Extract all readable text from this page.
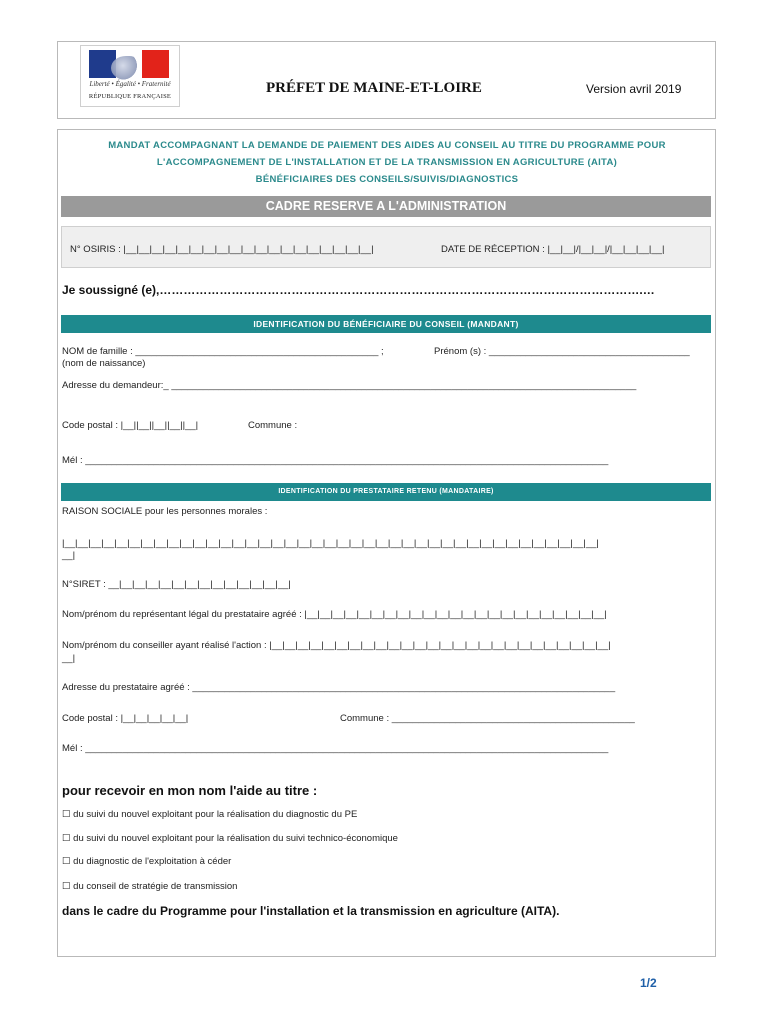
Liberté • Égalité • Fraternité
RÉPUBLIQUE FRANÇAISE
PRÉFET DE MAINE-ET-LOIRE	Version avril 2019
MANDAT ACCOMPAGNANT LA DEMANDE DE PAIEMENT DES AIDES AU CONSEIL AU TITRE DU PROGRAMME POUR
L'ACCOMPAGNEMENT DE L'INSTALLATION ET DE LA TRANSMISSION EN AGRICULTURE (AITA)
BÉNÉFICIAIRES DES CONSEILS/SUIVIS/DIAGNOSTICS
CADRE RESERVE A L'ADMINISTRATION
N° OSIRIS : |__|__|__|__|__|__|__|__|__|__|__|__|__|__|__|__|__|__|__|	DATE DE RÉCEPTION : |__|__|/|__|__|/|__|__|__|__|
Je soussigné (e),………………………………………………………………………………………………………….…
IDENTIFICATION DU BÉNÉFICIAIRE DU CONSEIL (MANDANT)
NOM de famille : ______________________________________________ ;
(nom de naissance)
Prénom (s) : ______________________________________
Adresse du demandeur:_ ________________________________________________________________________________________
Code postal : |__||__||__||__||__|	Commune :
Mél : ___________________________________________________________________________________________________
IDENTIFICATION DU PRESTATAIRE RETENU (MANDATAIRE)
RAISON SOCIALE pour les personnes morales :
|__|__|__|__|__|__|__|__|__|__|__|__|__|__|__|__|__|__|__|__|__|__|__|__|__|__|__|__|__|__|__|__|__|__|__|__|__|__|__|__|__|
__|
N°SIRET : __|__|__|__|__|__|__|__|__|__|__|__|__|__|
Nom/prénom du représentant légal du prestataire agréé : |__|__|__|__|__|__|__|__|__|__|__|__|__|__|__|__|__|__|__|__|__|__|__|
Nom/prénom du conseiller ayant réalisé l'action : |__|__|__|__|__|__|__|__|__|__|__|__|__|__|__|__|__|__|__|__|__|__|__|__|__|__|
__|
Adresse du prestataire agréé : ________________________________________________________________________________
Code postal : |__|__|__|__|__|	Commune : ______________________________________________
Mél : ___________________________________________________________________________________________________
pour recevoir en mon nom l'aide au titre :
☐ du suivi du nouvel exploitant pour la réalisation du diagnostic du PE
☐ du suivi du nouvel exploitant pour la réalisation du suivi technico-économique
☐ du diagnostic de l'exploitation à céder
☐ du conseil de stratégie de transmission
dans le cadre du Programme pour l'installation et la transmission en agriculture (AITA).
1/2
